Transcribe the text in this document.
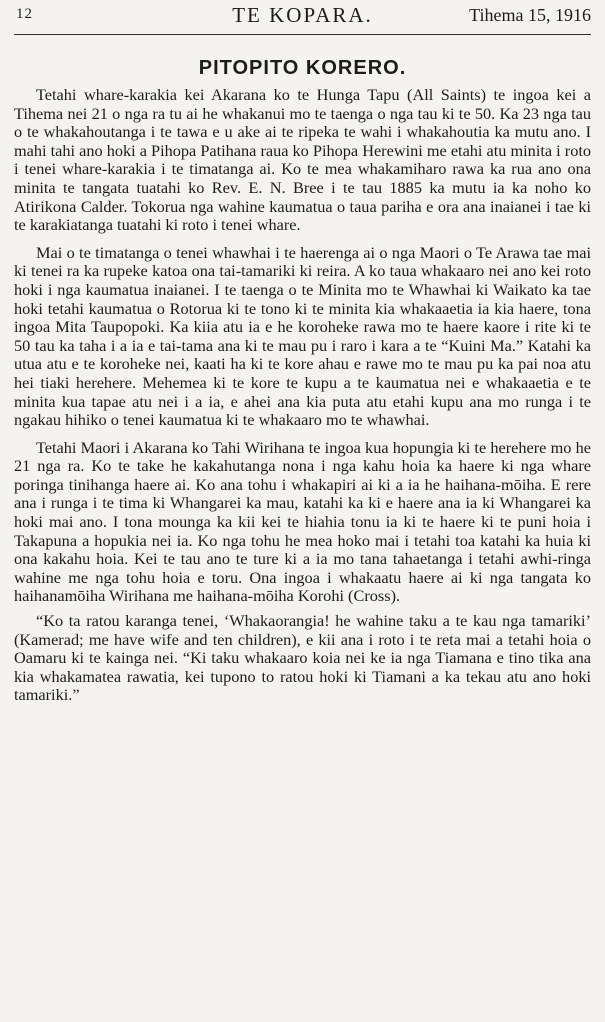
12	TE KOPARA.	Tihema 15, 1916
PITOPITO KORERO.

Tetahi whare-karakia kei Akarana ko te Hunga Tapu (All Saints) te ingoa kei a Tihema nei 21 o nga ra tu ai he whakanui mo te taenga o nga tau ki te 50. Ka 23 nga tau o te whakahoutanga i te tawa e u ake ai te ripeka te wahi i whakahoutia ka mutu ano. I mahi tahi ano hoki a Pihopa Patihana raua ko Pihopa Herewini me etahi atu minita i roto i tenei whare-karakia i te timatanga ai. Ko te mea whakamiharo rawa ka rua ano ona minita te tangata tuatahi ko Rev. E. N. Bree i te tau 1885 ka mutu ia ka noho ko Atirikona Calder. Tokorua nga wahine kaumatua o taua pariha e ora ana inaianei i tae ki te karakiatanga tuatahi ki roto i tenei whare.

Mai o te timatanga o tenei whawhai i te haerenga ai o nga Maori o Te Arawa tae mai ki tenei ra ka rupeke katoa ona tai-tamariki ki reira. A ko taua whakaaro nei ano kei roto hoki i nga kaumatua inaianei. I te taenga o te Minita mo te Whawhai ki Waikato ka tae hoki tetahi kaumatua o Rotorua ki te tono ki te minita kia whakaaetia ia kia haere, tona ingoa Mita Taupopoki. Ka kiia atu ia e he koroheke rawa mo te haere kaore i rite ki te 50 tau ka taha i a ia e tai-tama ana ki te mau pu i raro i kara a te “Kuini Ma.” Katahi ka utua atu e te koroheke nei, kaati ha ki te kore ahau e rawe mo te mau pu ka pai noa atu hei tiaki herehere. Mehemea ki te kore te kupu a te kaumatua nei e whakaaetia e te minita kua tapae atu nei i a ia, e ahei ana kia puta atu etahi kupu ana mo runga i te ngakau hihiko o tenei kaumatua ki te whakaaro mo te whawhai.

Tetahi Maori i Akarana ko Tahi Wirihana te ingoa kua hopungia ki te herehere mo he 21 nga ra. Ko te take he kakahutanga nona i nga kahu hoia ka haere ki nga whare poringa tinihanga haere ai. Ko ana tohu i whakapiri ai ki a ia he haihana-mōiha. E rere ana i runga i te tima ki Whangarei ka mau, katahi ka ki e haere ana ia ki Whangarei ka hoki mai ano. I tona mounga ka kii kei te hiahia tonu ia ki te haere ki te puni hoia i Takapuna a hopukia nei ia. Ko nga tohu he mea hoko mai i tetahi toa katahi ka huia ki ona kakahu hoia. Kei te tau ano te ture ki a ia mo tana tahaetanga i tetahi awhi-ringa wahine me nga tohu hoia e toru. Ona ingoa i whakaatu haere ai ki nga tangata ko haihanamōiha Wirihana me haihana-mōiha Korohi (Cross).

“Ko ta ratou karanga tenei, ‘Whakaorangia! he wahine taku a te kau nga tamariki’ (Kamerad; me have wife and ten children), e kii ana i roto i te reta mai a tetahi hoia o Oamaru ki te kainga nei. “Ki taku whakaaro koia nei ke ia nga Tiamana e tino tika ana kia whakamatea rawatia, kei tupono to ratou hoki ki Tiamani a ka tekau atu ano hoki tamariki.”
